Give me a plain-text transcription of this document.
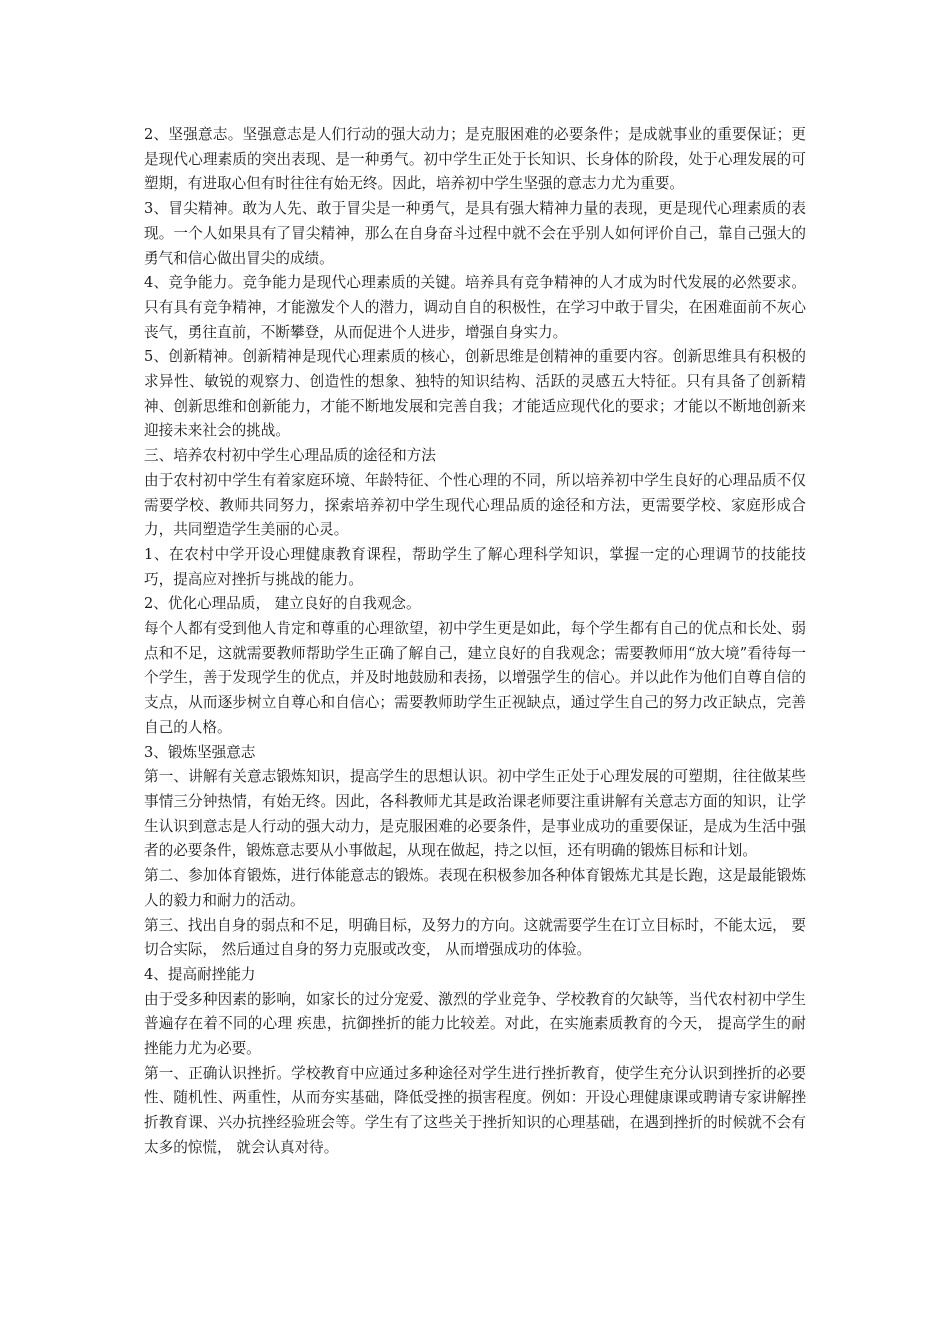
2、坚强意志。坚强意志是人们行动的强大动力；是克服困难的必要条件；是成就事业的重要保证；更是现代心理素质的突出表现、是一种勇气。初中学生正处于长知识、长身体的阶段，处于心理发展的可塑期，有进取心但有时往往有始无终。因此，培养初中学生坚强的意志力尤为重要。

3、冒尖精神。敢为人先、敢于冒尖是一种勇气，是具有强大精神力量的表现，更是现代心理素质的表现。一个人如果具有了冒尖精神，那么在自身奋斗过程中就不会在乎别人如何评价自己，靠自己强大的勇气和信心做出冒尖的成绩。

4、竞争能力。竞争能力是现代心理素质的关键。培养具有竞争精神的人才成为时代发展的必然要求。只有具有竞争精神，才能激发个人的潜力，调动自自的积极性，在学习中敢于冒尖，在困难面前不灰心丧气，勇往直前，不断攀登，从而促进个人进步，增强自身实力。

5、创新精神。创新精神是现代心理素质的核心，创新思维是创精神的重要内容。创新思维具有积极的求异性、敏锐的观察力、创造性的想象、独特的知识结构、活跃的灵感五大特征。只有具备了创新精神、创新思维和创新能力，才能不断地发展和完善自我；才能适应现代化的要求；才能以不断地创新来迎接未来社会的挑战。

三、培养农村初中学生心理品质的途径和方法

由于农村初中学生有着家庭环境、年龄特征、个性心理的不同，所以培养初中学生良好的心理品质不仅需要学校、教师共同努力，探索培养初中学生现代心理品质的途径和方法，更需要学校、家庭形成合力，共同塑造学生美丽的心灵。

1、在农村中学开设心理健康教育课程，帮助学生了解心理科学知识，掌握一定的心理调节的技能技巧，提高应对挫折与挑战的能力。

2、优化心理品质， 建立良好的自我观念。

每个人都有受到他人肯定和尊重的心理欲望，初中学生更是如此，每个学生都有自己的优点和长处、弱点和不足，这就需要教师帮助学生正确了解自己，建立良好的自我观念；需要教师用“放大境”看待每一个学生，善于发现学生的优点，并及时地鼓励和表扬，以增强学生的信心。并以此作为他们自尊自信的支点，从而逐步树立自尊心和自信心；需要教师助学生正视缺点，通过学生自己的努力改正缺点，完善自己的人格。

3、锻炼坚强意志

第一、讲解有关意志锻炼知识，提高学生的思想认识。初中学生正处于心理发展的可塑期，往往做某些事情三分钟热情，有始无终。因此，各科教师尤其是政治课老师要注重讲解有关意志方面的知识，让学生认识到意志是人行动的强大动力，是克服困难的必要条件，是事业成功的重要保证，是成为生活中强者的必要条件，锻炼意志要从小事做起，从现在做起，持之以恒，还有明确的锻炼目标和计划。

第二、参加体育锻炼，进行体能意志的锻炼。表现在积极参加各种体育锻炼尤其是长跑，这是最能锻炼人的毅力和耐力的活动。

第三、找出自身的弱点和不足，明确目标，及努力的方向。这就需要学生在订立目标时，不能太远， 要切合实际， 然后通过自身的努力克服或改变， 从而增强成功的体验。

4、提高耐挫能力

由于受多种因素的影响，如家长的过分宠爱、激烈的学业竞争、学校教育的欠缺等，当代农村初中学生普遍存在着不同的心理 疾患，抗御挫折的能力比较差。对此，在实施素质教育的今天， 提高学生的耐挫能力尤为必要。

第一、正确认识挫折。学校教育中应通过多种途径对学生进行挫折教育，使学生充分认识到挫折的必要性、随机性、两重性，从而夯实基础，降低受挫的损害程度。例如：开设心理健康课或聘请专家讲解挫折教育课、兴办抗挫经验班会等。学生有了这些关于挫折知识的心理基础，在遇到挫折的时候就不会有太多的惊慌， 就会认真对待。
